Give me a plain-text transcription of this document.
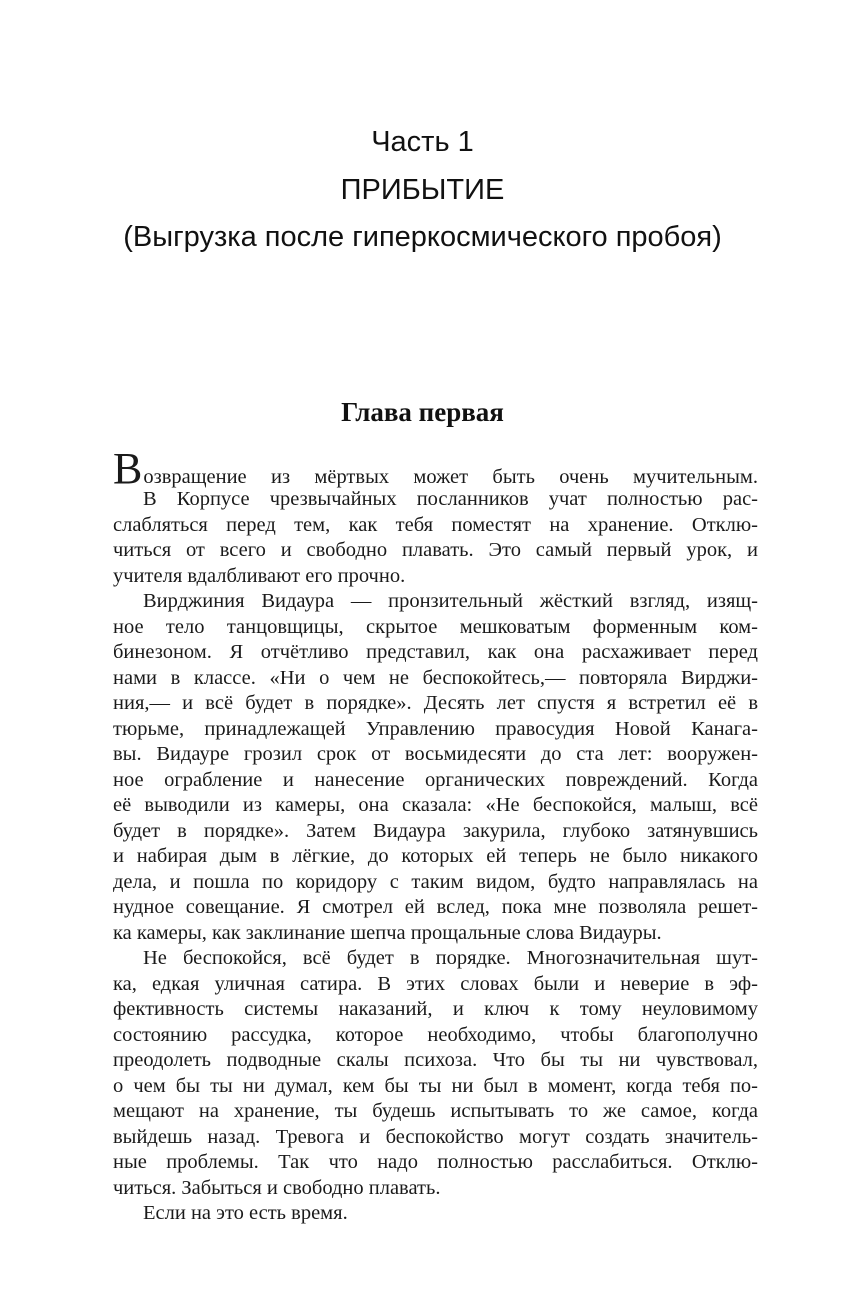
Часть 1
ПРИБЫТИЕ
(Выгрузка после гиперкосмического пробоя)
Глава первая
Возвращение из мёртвых может быть очень мучительным.
В Корпусе чрезвычайных посланников учат полностью рас-
слабляться перед тем, как тебя поместят на хранение. Отклю-
читься от всего и свободно плавать. Это самый первый урок, и
учителя вдалбливают его прочно.
Вирджиния Видаура — пронзительный жёсткий взгляд, изящ-
ное тело танцовщицы, скрытое мешковатым форменным ком-
бинезоном. Я отчётливо представил, как она расхаживает перед
нами в классе. «Ни о чем не беспокойтесь,— повторяла Вирджи-
ния,— и всё будет в порядке». Десять лет спустя я встретил её в
тюрьме, принадлежащей Управлению правосудия Новой Канага-
вы. Видауре грозил срок от восьмидесяти до ста лет: вооружен-
ное ограбление и нанесение органических повреждений. Когда
её выводили из камеры, она сказала: «Не беспокойся, малыш, всё
будет в порядке». Затем Видаура закурила, глубоко затянувшись
и набирая дым в лёгкие, до которых ей теперь не было никакого
дела, и пошла по коридору с таким видом, будто направлялась на
нудное совещание. Я смотрел ей вслед, пока мне позволяла решет-
ка камеры, как заклинание шепча прощальные слова Видауры.
Не беспокойся, всё будет в порядке. Многозначительная шут-
ка, едкая уличная сатира. В этих словах были и неверие в эф-
фективность системы наказаний, и ключ к тому неуловимому
состоянию рассудка, которое необходимо, чтобы благополучно
преодолеть подводные скалы психоза. Что бы ты ни чувствовал,
о чем бы ты ни думал, кем бы ты ни был в момент, когда тебя по-
мещают на хранение, ты будешь испытывать то же самое, когда
выйдешь назад. Тревога и беспокойство могут создать значитель-
ные проблемы. Так что надо полностью расслабиться. Отклю-
читься. Забыться и свободно плавать.
Если на это есть время.
